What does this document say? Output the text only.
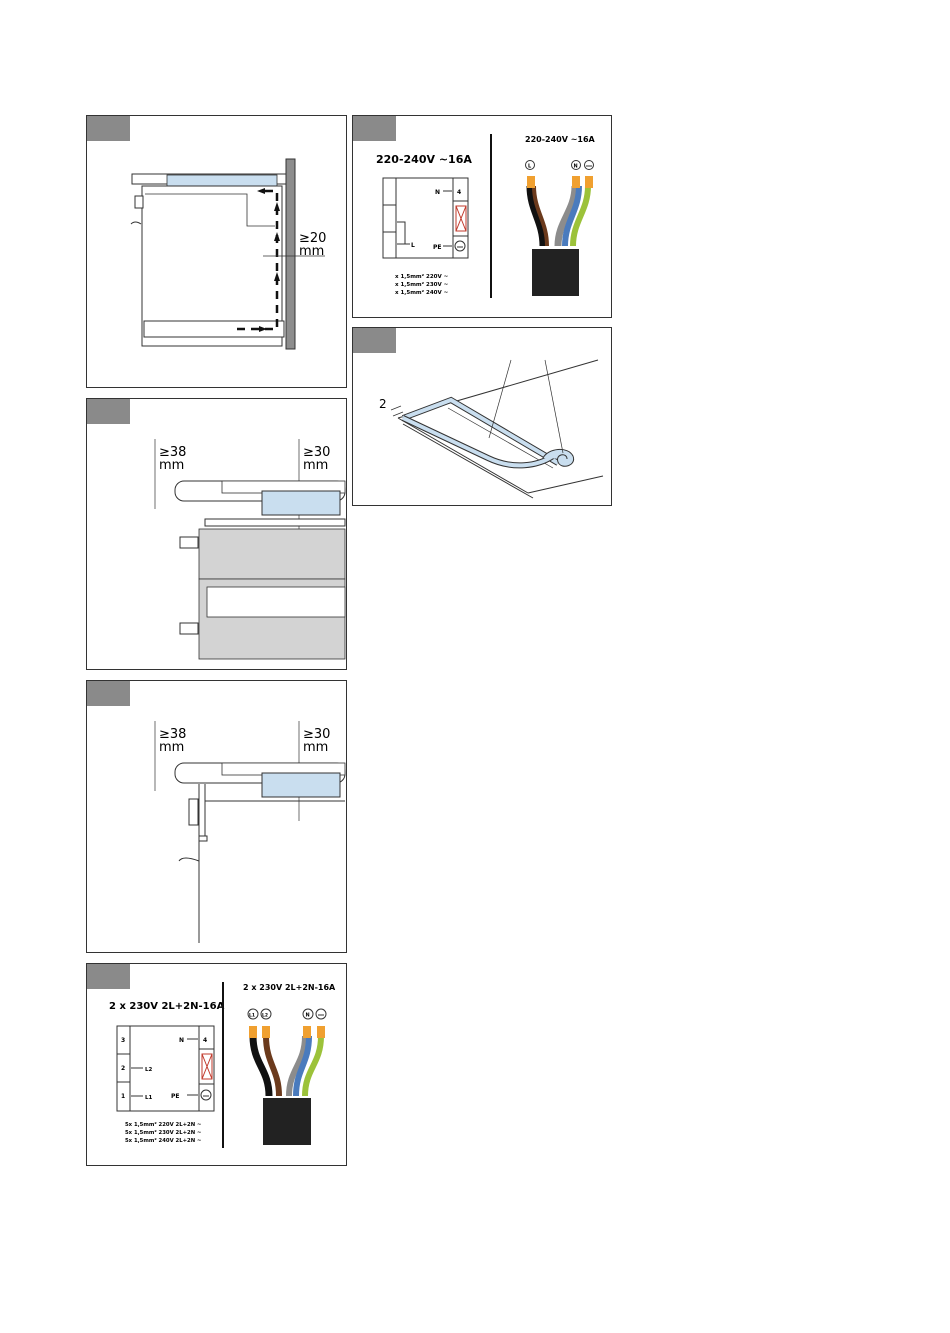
≥20
mm
220-240V ~16A
N	4
L	PE
x 1,5mm² 220V ~
x 1,5mm² 230V ~
x 1,5mm² 240V ~
220-240V ~16A
L	N
2
≥38
mm
≥30
mm
≥38
mm
≥30
mm
2 x 230V 2L+2N-16A
3	N	4
2	L2
1	L1	PE
5x 1,5mm² 220V 2L+2N ~
5x 1,5mm² 230V 2L+2N ~
5x 1,5mm² 240V 2L+2N ~
2 x 230V 2L+2N-16A
L1 L2	N
